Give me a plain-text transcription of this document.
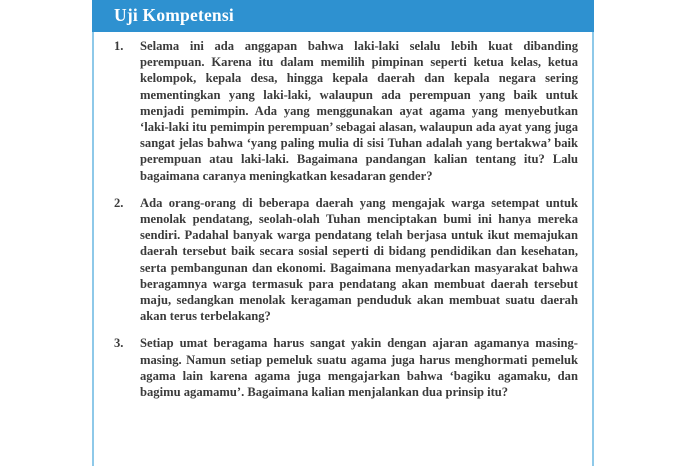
Uji Kompetensi
1.	Selama ini ada anggapan bahwa laki-laki selalu lebih kuat dibanding perempuan. Karena itu dalam memilih pimpinan seperti ketua kelas, ketua kelompok, kepala desa, hingga kepala daerah dan kepala negara sering mementingkan yang laki-laki, walaupun ada perempuan yang baik untuk menjadi pemimpin. Ada yang menggunakan ayat agama yang menyebutkan ‘laki-laki itu pemimpin perempuan’ sebagai alasan, walaupun ada ayat yang juga sangat jelas bahwa ‘yang paling mulia di sisi Tuhan adalah yang bertakwa’ baik perempuan atau laki-laki. Bagaimana pandangan kalian tentang itu? Lalu bagaimana caranya meningkatkan kesadaran gender?
2.	Ada orang-orang di beberapa daerah yang mengajak warga setempat untuk menolak pendatang, seolah-olah Tuhan menciptakan bumi ini hanya mereka sendiri. Padahal banyak warga pendatang telah berjasa untuk ikut memajukan daerah tersebut baik secara sosial seperti di bidang pendidikan dan kesehatan, serta pembangunan dan ekonomi. Bagaimana menyadarkan masyarakat bahwa beragamnya warga termasuk para pendatang akan membuat daerah tersebut maju, sedangkan menolak keragaman penduduk akan membuat suatu daerah akan terus terbelakang?
3.	Setiap umat beragama harus sangat yakin dengan ajaran agamanya masing-masing. Namun setiap pemeluk suatu agama juga harus menghormati pemeluk agama lain karena agama juga mengajarkan bahwa ‘bagiku agamaku, dan bagimu agamamu’. Bagaimana kalian menjalankan dua prinsip itu?
